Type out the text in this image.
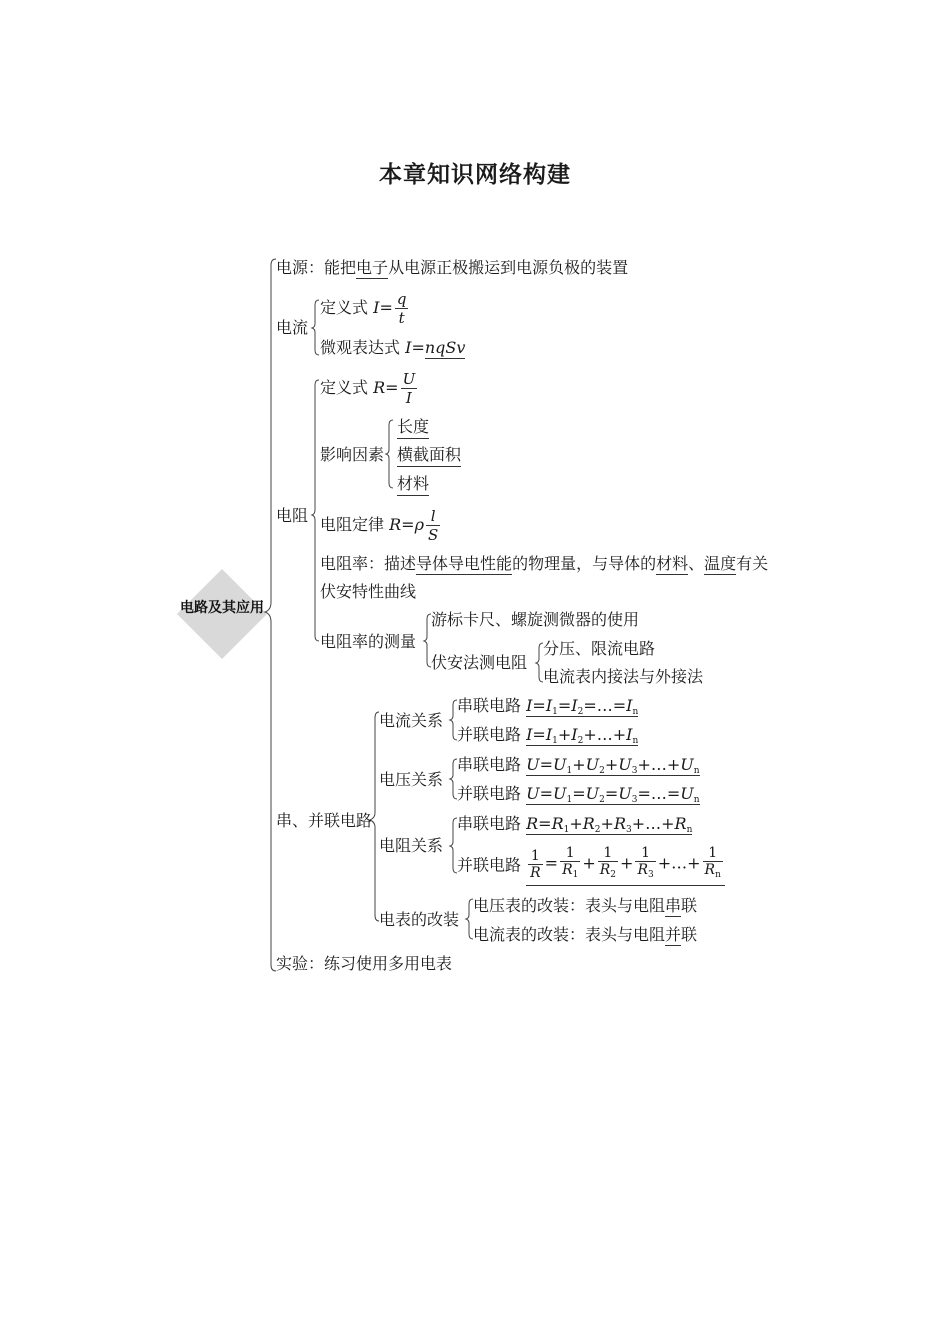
本章知识网络构建
电路及其应用
电源：能把电子从电源正极搬运到电源负极的装置
电流
定义式 $I= \frac{q}{t}$
微观表达式 I=nqSv
电阻
定义式 $R= \frac{U}{I}$
影响因素
长度
横截面积
材料
电阻定律 $R=\rho \frac{l}{S}$
电阻率：描述导体导电性能的物理量，与导体的材料、温度有关
伏安特性曲线
电阻率的测量
游标卡尺、螺旋测微器的使用
伏安法测电阻
分压、限流电路
电流表内接法与外接法
串、并联电路
电流关系
串联电路 $I=I_1=I_2=\dots=I_n$
并联电路 $I=I_1+I_2+\dots+I_n$
电压关系
串联电路 $U=U_1+U_2+U_3+\dots+U_n$
并联电路 $U=U_1=U_2=U_3=\dots=U_n$
电阻关系
串联电路 $R=R_1+R_2+R_3+\dots+R_n$
并联电路 $\frac{1}{R} = \frac{1}{R_1} + \frac{1}{R_2} + \frac{1}{R_3}$ +…+ $\frac{1}{R_n}$
电表的改装
电压表的改装：表头与电阻串联
电流表的改装：表头与电阻并联
实验：练习使用多用电表
